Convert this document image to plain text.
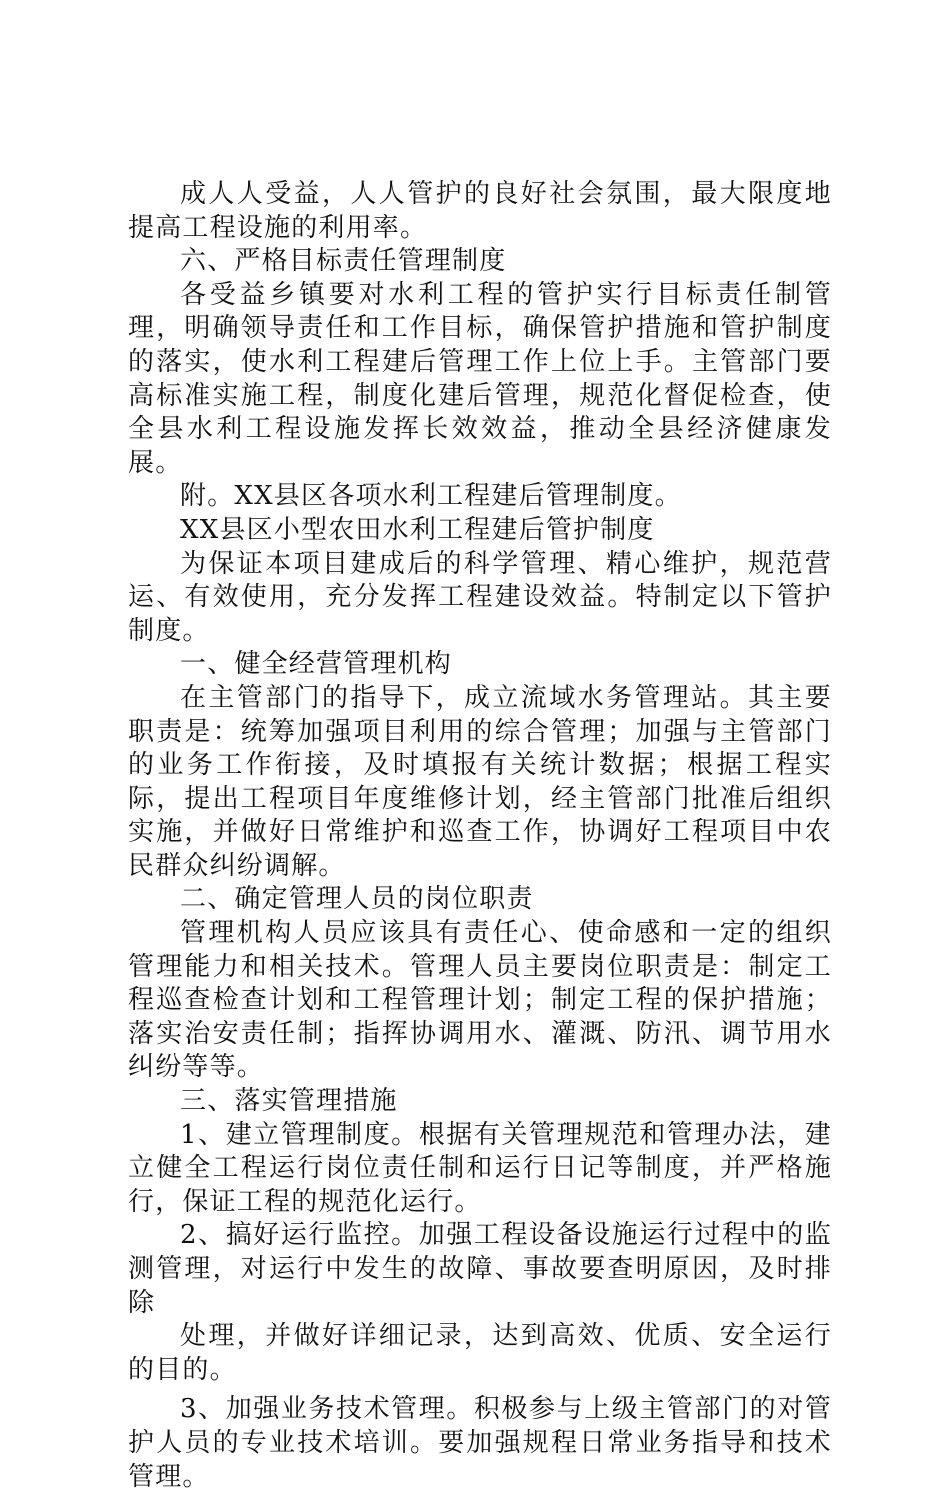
成人人受益，人人管护的良好社会氛围，最大限度地提高工程设施的利用率。

六、严格目标责任管理制度

各受益乡镇要对水利工程的管护实行目标责任制管理，明确领导责任和工作目标，确保管护措施和管护制度的落实，使水利工程建后管理工作上位上手。主管部门要高标准实施工程，制度化建后管理，规范化督促检查，使全县水利工程设施发挥长效效益，推动全县经济健康发展。

附。XX县区各项水利工程建后管理制度。

XX县区小型农田水利工程建后管护制度

为保证本项目建成后的科学管理、精心维护，规范营运、有效使用，充分发挥工程建设效益。特制定以下管护制度。

一、健全经营管理机构

在主管部门的指导下，成立流域水务管理站。其主要职责是：统筹加强项目利用的综合管理；加强与主管部门的业务工作衔接，及时填报有关统计数据；根据工程实际，提出工程项目年度维修计划，经主管部门批准后组织实施，并做好日常维护和巡查工作，协调好工程项目中农民群众纠纷调解。

二、确定管理人员的岗位职责

管理机构人员应该具有责任心、使命感和一定的组织管理能力和相关技术。管理人员主要岗位职责是：制定工程巡查检查计划和工程管理计划；制定工程的保护措施；落实治安责任制；指挥协调用水、灌溉、防汛、调节用水纠纷等等。

三、落实管理措施

1、建立管理制度。根据有关管理规范和管理办法，建立健全工程运行岗位责任制和运行日记等制度，并严格施行，保证工程的规范化运行。

2、搞好运行监控。加强工程设备设施运行过程中的监测管理，对运行中发生的故障、事故要查明原因，及时排除

处理，并做好详细记录，达到高效、优质、安全运行的目的。

3、加强业务技术管理。积极参与上级主管部门的对管护人员的专业技术培训。要加强规程日常业务指导和技术管理。
